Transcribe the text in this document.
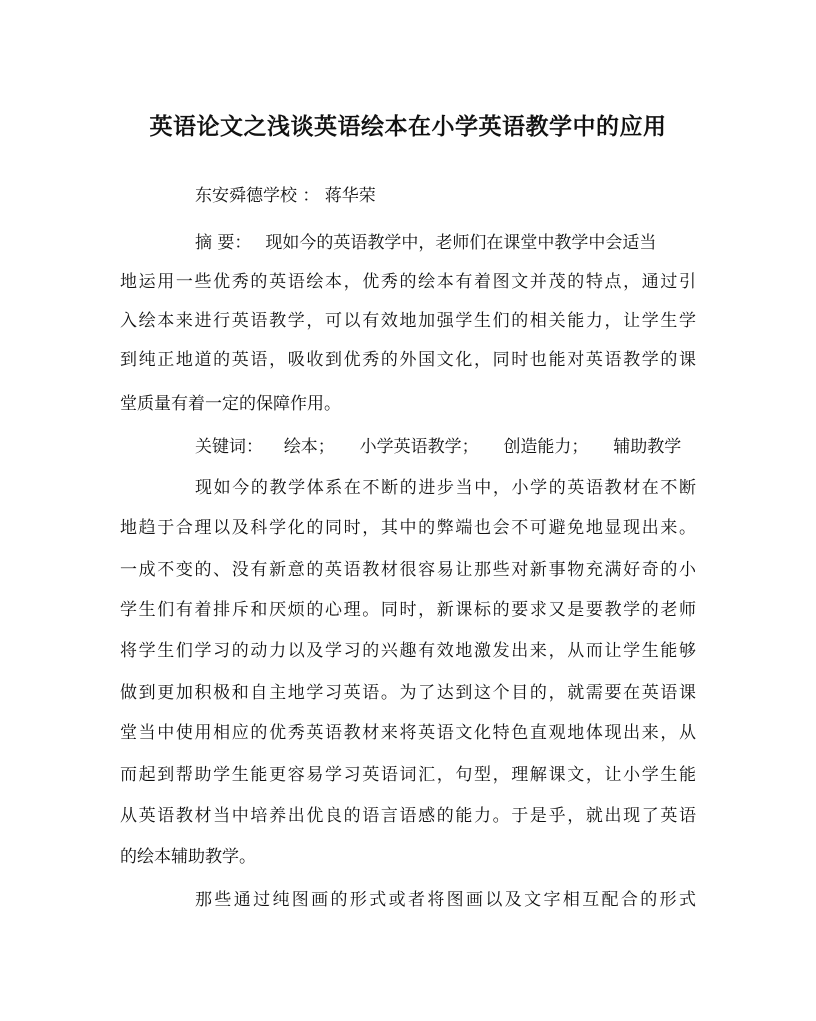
英语论文之浅谈英语绘本在小学英语教学中的应用
东安舜德学校 ： 蒋华荣
摘 要： 现如今的英语教学中，老师们在课堂中教学中会适当
地运用一些优秀的英语绘本，优秀的绘本有着图文并茂的特点，通过引
入绘本来进行英语教学，可以有效地加强学生们的相关能力，让学生学
到纯正地道的英语，吸收到优秀的外国文化，同时也能对英语教学的课
堂质量有着一定的保障作用。
关键词： 绘本； 小学英语教学； 创造能力； 辅助教学
现如今的教学体系在不断的进步当中，小学的英语教材在不断
地趋于合理以及科学化的同时，其中的弊端也会不可避免地显现出来。
一成不变的、没有新意的英语教材很容易让那些对新事物充满好奇的小
学生们有着排斥和厌烦的心理。同时，新课标的要求又是要教学的老师
将学生们学习的动力以及学习的兴趣有效地激发出来，从而让学生能够
做到更加积极和自主地学习英语。为了达到这个目的，就需要在英语课
堂当中使用相应的优秀英语教材来将英语文化特色直观地体现出来，从
而起到帮助学生能更容易学习英语词汇，句型，理解课文，让小学生能
从英语教材当中培养出优良的语言语感的能力。于是乎，就出现了英语
的绘本辅助教学。
那些通过纯图画的形式或者将图画以及文字相互配合的形式
